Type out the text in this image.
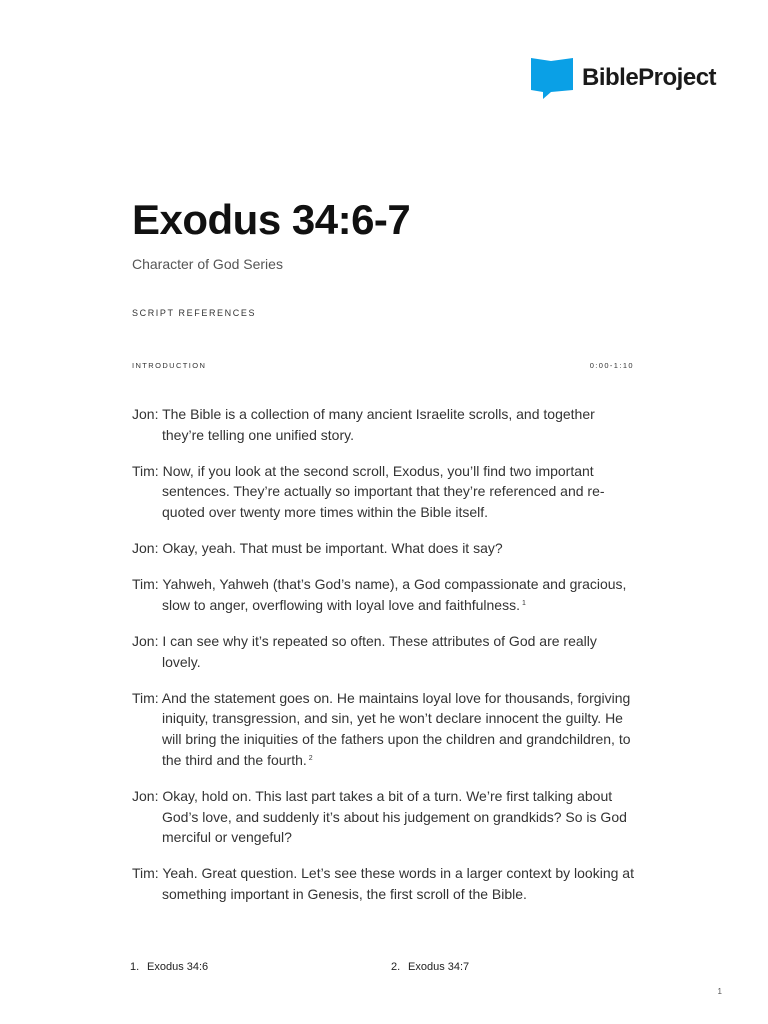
BibleProject
Exodus 34:6-7
Character of God Series
SCRIPT REFERENCES
INTRODUCTION	0:00-1:10

Jon: The Bible is a collection of many ancient Israelite scrolls, and together they’re telling one unified story.

Tim: Now, if you look at the second scroll, Exodus, you’ll find two important sentences. They’re actually so important that they’re referenced and re-quoted over twenty more times within the Bible itself.

Jon: Okay, yeah. That must be important. What does it say?

Tim: Yahweh, Yahweh (that’s God’s name), a God compassionate and gracious, slow to anger, overflowing with loyal love and faithfulness. $^1$

Jon: I can see why it’s repeated so often. These attributes of God are really lovely.

Tim: And the statement goes on. He maintains loyal love for thousands, forgiving iniquity, transgression, and sin, yet he won’t declare innocent the guilty. He will bring the iniquities of the fathers upon the children and grandchildren, to the third and the fourth. $^2$

Jon: Okay, hold on. This last part takes a bit of a turn. We’re first talking about God’s love, and suddenly it’s about his judgement on grandkids? So is God merciful or vengeful?

Tim: Yeah. Great question. Let’s see these words in a larger context by looking at something important in Genesis, the first scroll of the Bible.

1. Exodus 34:6	2. Exodus 34:7
1
